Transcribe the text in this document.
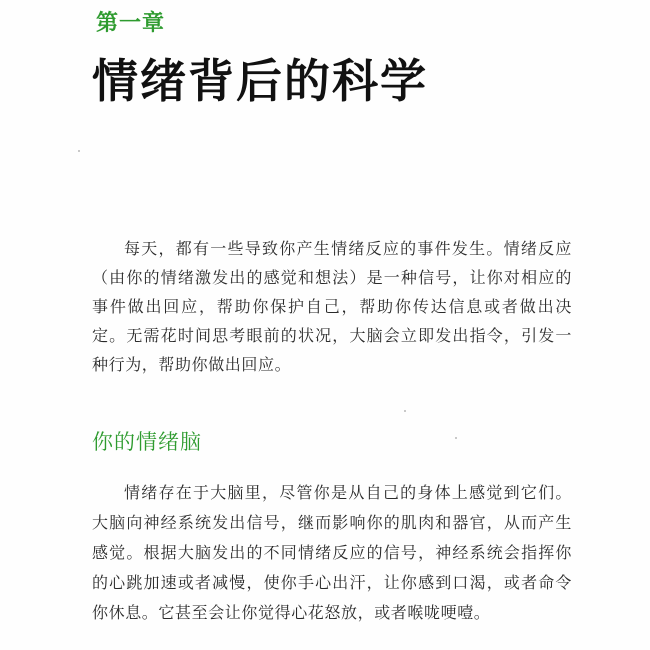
第一章
情绪背后的科学

每天，都有一些导致你产生情绪反应的事件发生。情绪反应（由你的情绪激发出的感觉和想法）是一种信号，让你对相应的事件做出回应，帮助你保护自己，帮助你传达信息或者做出决定。无需花时间思考眼前的状况，大脑会立即发出指令，引发一种行为，帮助你做出回应。

你的情绪脑

情绪存在于大脑里，尽管你是从自己的身体上感觉到它们。大脑向神经系统发出信号，继而影响你的肌肉和器官，从而产生感觉。根据大脑发出的不同情绪反应的信号，神经系统会指挥你的心跳加速或者减慢，使你手心出汗，让你感到口渴，或者命令你休息。它甚至会让你觉得心花怒放，或者喉咙哽噎。
